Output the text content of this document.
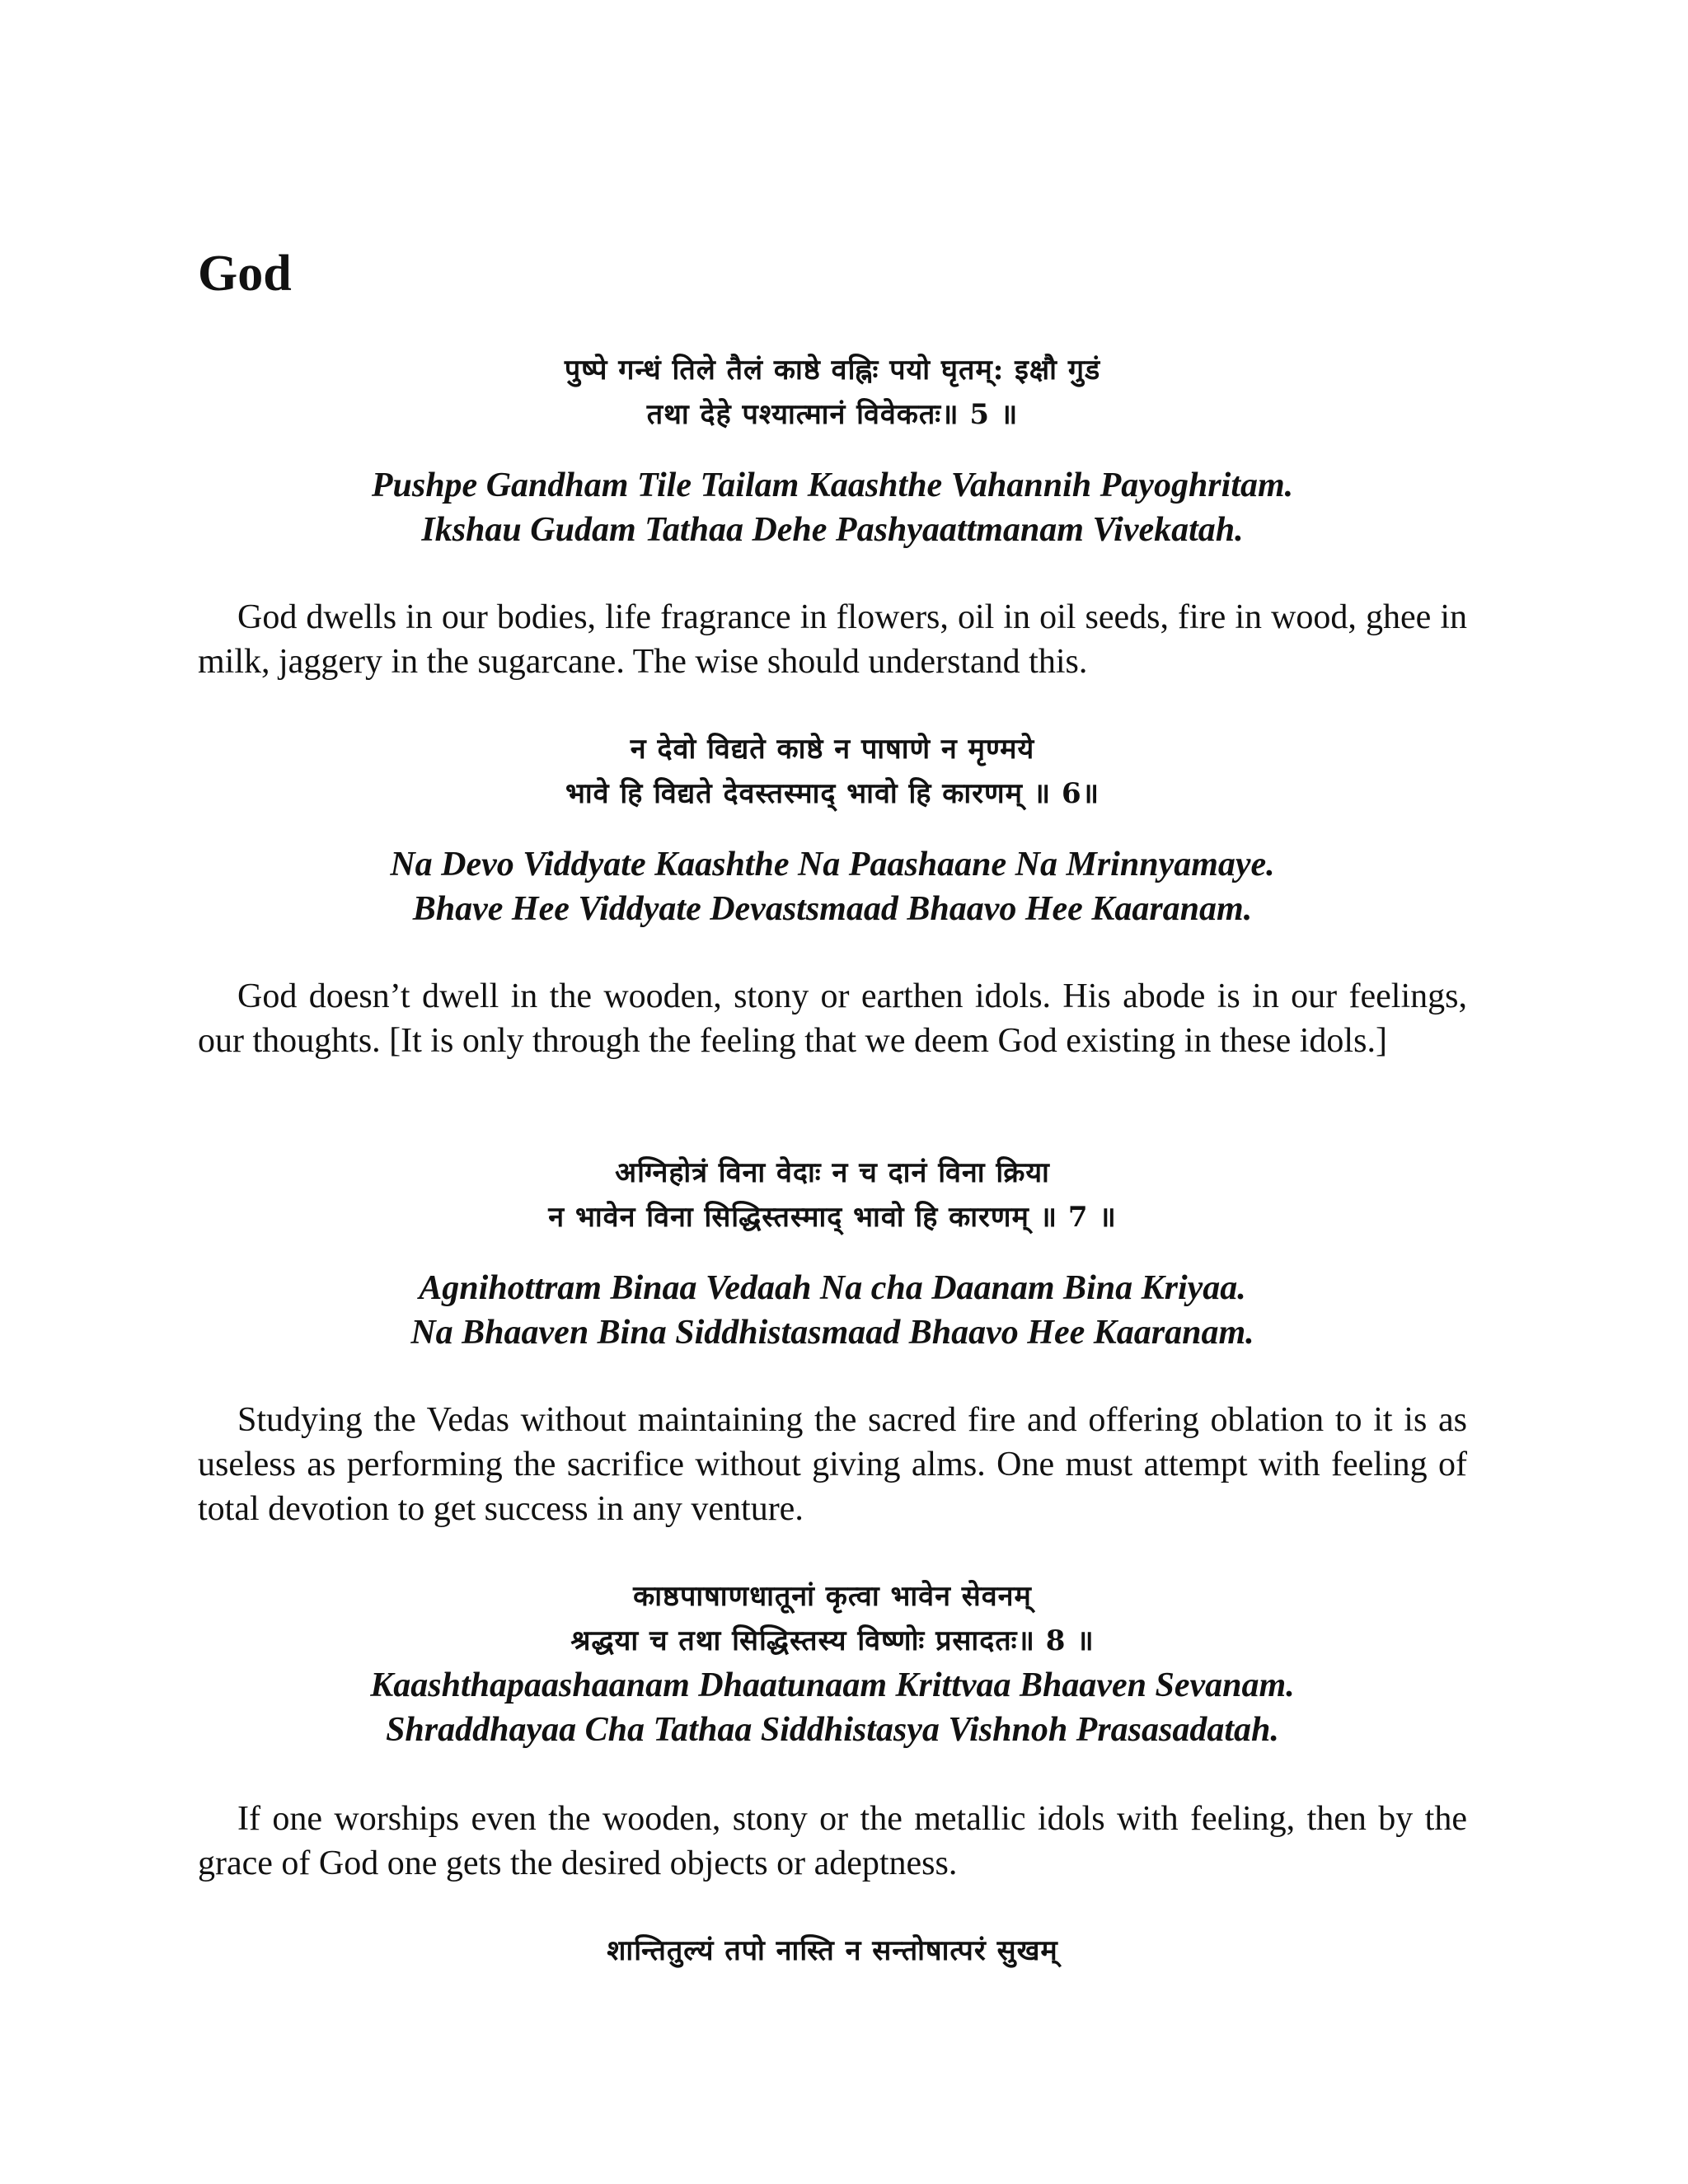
God
पुष्पे गन्धं तिले तैलं काष्ठे वह्निः पयो घृतम्: इक्षौ गुडं
तथा देहे पश्यात्मानं विवेकतः॥ 5 ॥
Pushpe Gandham Tile Tailam Kaashthe Vahannih Payoghritam.
Ikshau Gudam Tathaa Dehe Pashyaattmanam Vivekatah.

God dwells in our bodies, life fragrance in flowers, oil in oil seeds, fire in wood, ghee in milk, jaggery in the sugarcane. The wise should understand this.

न देवो विद्यते काष्ठे न पाषाणे न मृण्मये
भावे हि विद्यते देवस्तस्माद् भावो हि कारणम् ॥ 6॥
Na Devo Viddyate Kaashthe Na Paashaane Na Mrinnyamaye.
Bhave Hee Viddyate Devastsmaad Bhaavo Hee Kaaranam.

God doesn’t dwell in the wooden, stony or earthen idols. His abode is in our feelings, our thoughts. [It is only through the feeling that we deem God existing in these idols.]

अग्निहोत्रं विना वेदाः न च दानं विना क्रिया
न भावेन विना सिद्धिस्तस्माद् भावो हि कारणम् ॥ 7 ॥
Agnihottram Binaa Vedaah Na cha Daanam Bina Kriyaa.
Na Bhaaven Bina Siddhistasmaad Bhaavo Hee Kaaranam.

Studying the Vedas without maintaining the sacred fire and offering oblation to it is as useless as performing the sacrifice without giving alms. One must attempt with feeling of total devotion to get success in any venture.

काष्ठपाषाणधातूनां कृत्वा भावेन सेवनम्
श्रद्धया च तथा सिद्धिस्तस्य विष्णोः प्रसादतः॥ 8 ॥
Kaashthapaashaanam Dhaatunaam Krittvaa Bhaaven Sevanam.
Shraddhayaa Cha Tathaa Siddhistasya Vishnoh Prasasadatah.

If one worships even the wooden, stony or the metallic idols with feeling, then by the grace of God one gets the desired objects or adeptness.

शान्तितुल्यं तपो नास्ति न सन्तोषात्परं सुखम्
